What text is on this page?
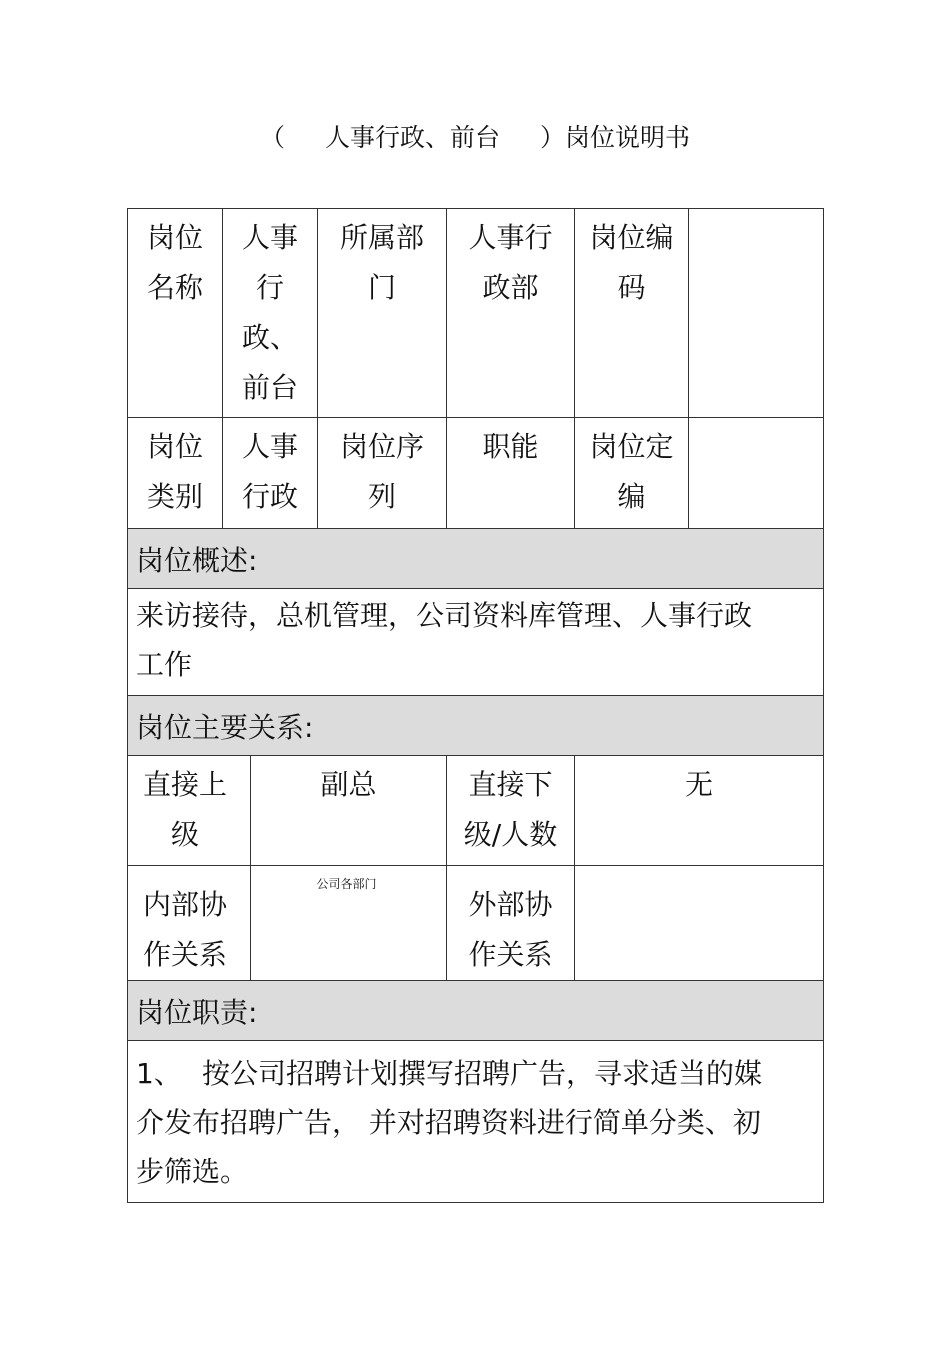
（ 人事行政、前台 ）岗位说明书
岗位名称	人事行政、前台		所属部门	人事行政部	岗位编码	
岗位类别	人事行政		岗位序列	职能	岗位定编	
岗位概述:						
来访接待，总机管理，公司资料库管理、人事行政工作						
岗位主要关系:						
直接上级		副总		直接下级/人数	无	
内部协作关系		公司各部门		外部协作关系		
岗位职责:						
1、 按公司招聘计划撰写招聘广告，寻求适当的媒介发布招聘广告， 并对招聘资料进行简单分类、初步筛选。						
